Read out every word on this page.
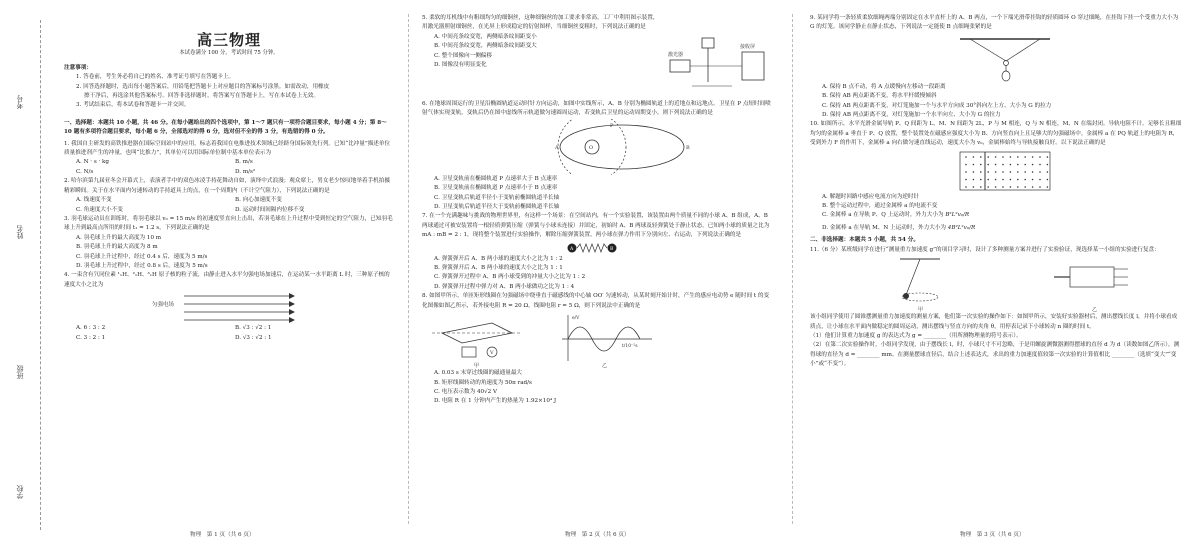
考号
姓名
班级
学校
高三物理
本试卷满分 100 分，考试时间 75 分钟。

注意事项：

1. 答卷前，考生务必将自己的姓名、准考证号填写在答题卡上。

2. 回答选择题时，选出每小题答案后，用铅笔把答题卡上对应题目的答案标号涂黑。如需改动，用橡皮

擦干净后，再选涂其他答案标号。回答非选择题时，将答案写在答题卡上，写在本试卷上无效。

3. 考试结束后，将本试卷和答题卡一并交回。

一、选择题：本题共 10 小题，共 46 分。在每小题给出的四个选项中，第 1～7 题只有一项符合题目要求，每小题 4 分；第 8～10 题有多项符合题目要求，每小题 6 分，全部选对的得 6 分，选对但不全的得 3 分，有选错的得 0 分。

1. 我国自主研发的高铁推进器在国际空间站中的应用，标志着我国在电推进技术领域已经跻身国际领先行列。已知“比冲量”描述单位质量推进剂产生的冲量，也叫“比推力”，其单位可以用国际单位制中基本单位表示为

A. N · s · kg	B. m/s
C. N/s	D. m/s²

2. 哈尔滨第九届亚冬会开幕式上，表演者手中的双色冰凌手持花舞动自如，演绎中式浪漫；观众席上，男女老少惊叹地举着手机拍摄精彩瞬间。关于在水平面内匀速转动的手持道具上的点，在一个周期内（不计空气阻力），下列说法正确的是

A. 线速度不变	B. 向心加速度不变
C. 角速度大小不变	D. 运动时间间隔内位移不变

3. 羽毛球运动员在训练时，将羽毛球以 v₀ = 15 m/s 的初速度竖直向上击出，若羽毛球在上升过程中受到恒定的空气阻力，已知羽毛球上升到最高点所用的时间 t₁ = 1.2 s，下列说法正确的是

A. 羽毛球上升的最大高度为 10 m

B. 羽毛球上升的最大高度为 8 m

C. 羽毛球上升过程中，经过 0.4 s 后，速度为 5 m/s

D. 羽毛球上升过程中，经过 0.8 s 后，速度为 5 m/s

4. 一束含有氕同位素 ¹₁H、²₁H、³₁H 原子核的粒子流，由静止进入水平匀强电场加速后，在运动某一水平距离 L 时，三种原子核的速度大小之比为

匀强电场
A. 6 : 3 : 2	B. √3 : √2 : 1
C. 3 : 2 : 1	D. √3 : √2 : 1
物理　第 1 页（共 6 页）

5. 柔软的耳机线中有粗细均匀的细铜丝，这种细铜丝的加工要求非常高。工厂中利用图示装置，用激光器照射细铜丝，在光屏上形成稳定的衍射图样，当细铜丝变粗时，下列说法正确的是

A. 中间亮条纹变宽，两侧暗条纹间距变小

B. 中间亮条纹变宽，两侧暗条纹间距变大

C. 整个图像向一侧偏移

D. 图像没有明显变化

激光器
接收屏

6. 在地球周围运行的卫星沿椭圆轨道运动时针方向运动，如图中实线所示，A、B 分别为椭圆轨道上的近地点和远地点。卫星在 P 点短时间喷射气体实现变轨，变轨后仍在图中虚线所示轨道做匀速圆周运动，若变轨后卫星的运动周期变小，则下列说法正确的是

O
A	B
P

A. 卫星变轨前在椭圆轨道 P 点速率大于 B 点速率

B. 卫星变轨前在椭圆轨道 P 点速率小于 B 点速率

C. 卫星变轨后轨道半径小于变轨前椭圆轨道半长轴

D. 卫星变轨后轨道半径大于变轨前椭圆轨道半长轴

7. 在一个充满趣味与挑战的物理世界里，有这样一个场景：在空间站内，有一个实验装置，该装置由两个质量不同的小球 A、B 组成，A、B 两球通过可被安装置将一根轻质弹簧压缩（弹簧与小球未连接）并固定，初始时 A、B 两球及轻弹簧处于静止状态。已知两小球的质量之比为 mA : mB = 2 : 1，现将整个装置进行实验操作，解除压缩弹簧装置，两小球在弹力作用下分别向左、右运动，下列说法正确的是

A	B

A. 弹簧弹开后 A、B 两小球的速度大小之比为 1 : 2

B. 弹簧弹开后 A、B 两小球的速度大小之比为 1 : 1

C. 弹簧弹开过程中 A、B 两小球受到的冲量大小之比为 1 : 2

D. 弹簧弹开过程中弹力对 A、B 两小球做功之比为 1 : 4

8. 如图甲所示，单匝矩形线圈在匀强磁场中绕垂直于磁感线的中心轴 OO′ 匀速转动，从某时刻开始计时，产生的感应电动势 e 随时间 t 的变化图像如图乙所示，若外接电阻 R = 20 Ω，线圈电阻 r = 5 Ω，则下列说法中正确的是

V
甲
e/V
t/10⁻²s
乙

A. 0.03 s 末穿过线圈的磁通量最大

B. 矩形线圈转动的角速度为 50π rad/s

C. 电压表示数为 40√2 V

D. 电阻 R 在 1 分钟内产生的热量为 1.92×10⁴ J

物理　第 2 页（共 6 页）

9. 某同学将一条轻质柔软细绳两端分别固定在水平直杆上的 A、B 两点，一个下端光滑带挂钩的轻质圆环 O 穿过细绳，在挂钩下挂一个受重力大小为 G 的灯笼。该同学静止在静止状态，下列说法一定能使 B 点细绳张紧的是

A. 保持 B 点不动，将 A 点缓慢向左移动一段距离

B. 保持 AB 两点距离不变，将水平杆缓慢倾斜

C. 保持 AB 两点距离不变，对灯笼施加一个与水平方向成 30°斜向左上方、大小为 G 的拉力

D. 保持 AB 两点距离不变，对灯笼施加一个水平向左、大小为 G 的拉力

10. 如图所示，水平光滑金属导轨 P、Q 间距为 L，M、N 间距为 2L，P 与 M 相连，Q 与 N 相连，M、N 在端封闭。导轨电阻不计。足够长且粗细均匀的金属棒 a 垂直于 P、Q 放置，整个装置处在磁感应强度大小为 B、方向竖直向上且足够大的匀强磁场中。金属棒 a 在 PQ 轨道上的电阻为 R，受到外力 F 的作用下，金属棒 a 向右做匀速直线运动，速度大小为 v₀，金属棒始终与导轨接触良好。以下说法正确的是

A. 解题时回路中感应电流方向为逆时针

B. 整个运动过程中，通过金属棒 a 的电流不变

C. 金属棒 a 在导轨 P、Q 上运动时，外力大小为 B²L²v₀/R

D. 金属棒 a 在导轨 M、N 上运动时，外力大小为 4B²L²v₀/R

二、非选择题：本题共 5 小题，共 54 分。

11.（6 分）某班级同学在进行“测量重力加速度 g”的项目学习时，设计了多种测量方案并进行了实验验证，现选择某一小组的实验进行复盘：

甲	乙

该小组同学使用了圆锥摆测量重力加速度的测量方案，他们第一次实验的操作如下：如图甲所示，安装好实验器材后，测出摆线长度 l，并将小球看成质点，让小球在水平面内做稳定的圆周运动，测出摆线与竖直方向的夹角 θ，用停表记录下小球转动 n 圈的时间 t。

（1）他们计算重力加速度 g 的表达式为 g = ________（用所测物理量的符号表示）。

（2）在第二次实验操作时，小组同学发现，由于摆线长 l，时，小球尺寸不可忽略，于是用螺旋测微器测得摆球的直径 d 为 d（读数如图乙所示），测得球的直径为 d = ________ mm。在测量摆球直径后，结合上述表达式，求出的重力加速度值较第一次实验的计算值相比 ________（选填“变大”“变小”或“不变”）。

物理　第 3 页（共 6 页）
